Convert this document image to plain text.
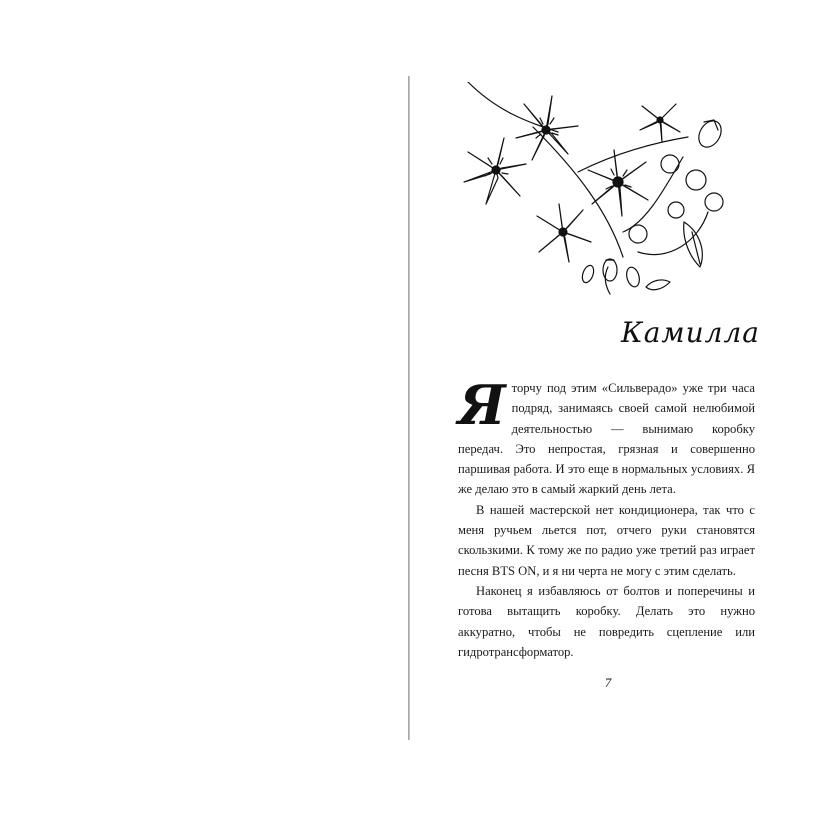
Камилла

Я торчу под этим «Сильверадо» уже три часа подряд, занимаясь своей самой нелюбимой деятельностью — вынимаю коробку передач. Это непростая, грязная и совершенно паршивая работа. И это еще в нормальных условиях. Я же делаю это в самый жаркий день лета.

В нашей мастерской нет кондиционера, так что с меня ручьем льется пот, отчего руки становятся скользкими. К тому же по радио уже третий раз играет песня BTS ON, и я ни черта не могу с этим сделать.

Наконец я избавляюсь от болтов и поперечины и готова вытащить коробку. Делать это нужно аккуратно, чтобы не повредить сцепление или гидротрансформатор.

7
